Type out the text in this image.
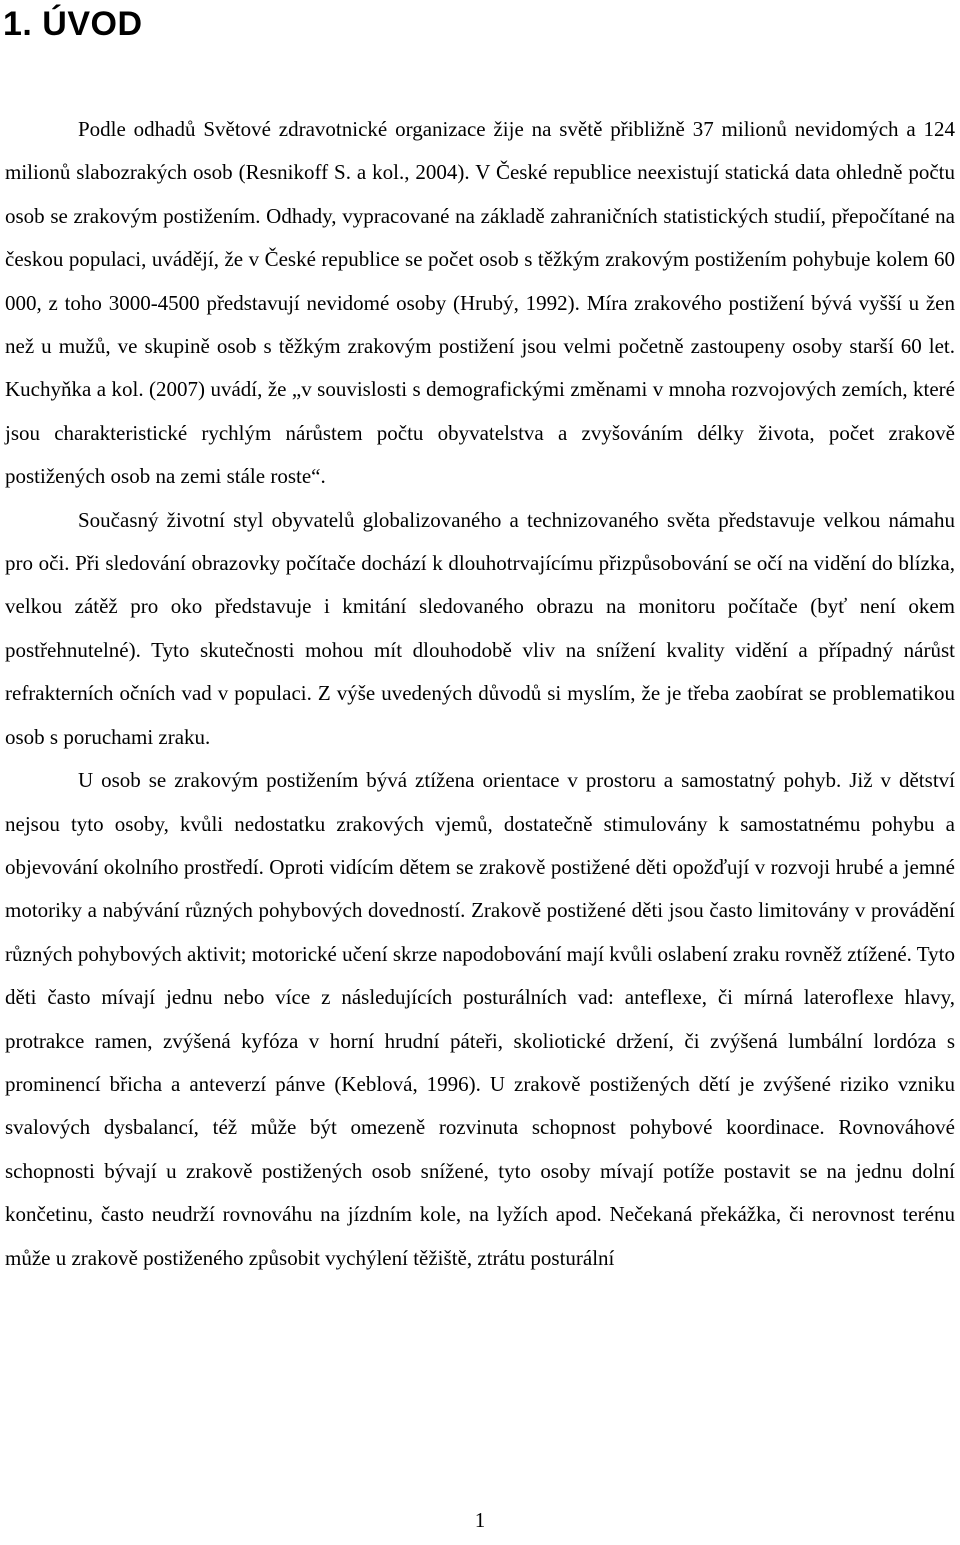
1. ÚVOD

Podle odhadů Světové zdravotnické organizace žije na světě přibližně 37 milionů nevidomých a 124 milionů slabozrakých osob (Resnikoff S. a kol., 2004). V České republice neexistují statická data ohledně počtu osob se zrakovým postižením. Odhady, vypracované na základě zahraničních statistických studií, přepočítané na českou populaci, uvádějí, že v České republice se počet osob s těžkým zrakovým postižením pohybuje kolem 60 000, z toho 3000-4500 představují nevidomé osoby (Hrubý, 1992). Míra zrakového postižení bývá vyšší u žen než u mužů, ve skupině osob s těžkým zrakovým postižení jsou velmi početně zastoupeny osoby starší 60 let. Kuchyňka a kol. (2007) uvádí, že „v souvislosti s demografickými změnami v mnoha rozvojových zemích, které jsou charakteristické rychlým nárůstem počtu obyvatelstva a zvyšováním délky života, počet zrakově postižených osob na zemi stále roste“.

Současný životní styl obyvatelů globalizovaného a technizovaného světa představuje velkou námahu pro oči. Při sledování obrazovky počítače dochází k dlouhotrvajícímu přizpůsobování se očí na vidění do blízka, velkou zátěž pro oko představuje i kmitání sledovaného obrazu na monitoru počítače (byť není okem postřehnutelné). Tyto skutečnosti mohou mít dlouhodobě vliv na snížení kvality vidění a případný nárůst refrakterních očních vad v populaci. Z výše uvedených důvodů si myslím, že je třeba zaobírat se problematikou osob s poruchami zraku.

U osob se zrakovým postižením bývá ztížena orientace v prostoru a samostatný pohyb. Již v dětství nejsou tyto osoby, kvůli nedostatku zrakových vjemů, dostatečně stimulovány k samostatnému pohybu a objevování okolního prostředí. Oproti vidícím dětem se zrakově postižené děti opožďují v rozvoji hrubé a jemné motoriky a nabývání různých pohybových dovedností. Zrakově postižené děti jsou často limitovány v provádění různých pohybových aktivit; motorické učení skrze napodobování mají kvůli oslabení zraku rovněž ztížené. Tyto děti často mívají jednu nebo více z následujících posturálních vad: anteflexe, či mírná lateroflexe hlavy, protrakce ramen, zvýšená kyfóza v horní hrudní páteři, skoliotické držení, či zvýšená lumbální lordóza s prominencí břicha a anteverzí pánve (Keblová, 1996). U zrakově postižených dětí je zvýšené riziko vzniku svalových dysbalancí, též může být omezeně rozvinuta schopnost pohybové koordinace. Rovnováhové schopnosti bývají u zrakově postižených osob snížené, tyto osoby mívají potíže postavit se na jednu dolní končetinu, často neudrží rovnováhu na jízdním kole, na lyžích apod. Nečekaná překážka, či nerovnost terénu může u zrakově postiženého způsobit vychýlení těžiště, ztrátu posturální

1
